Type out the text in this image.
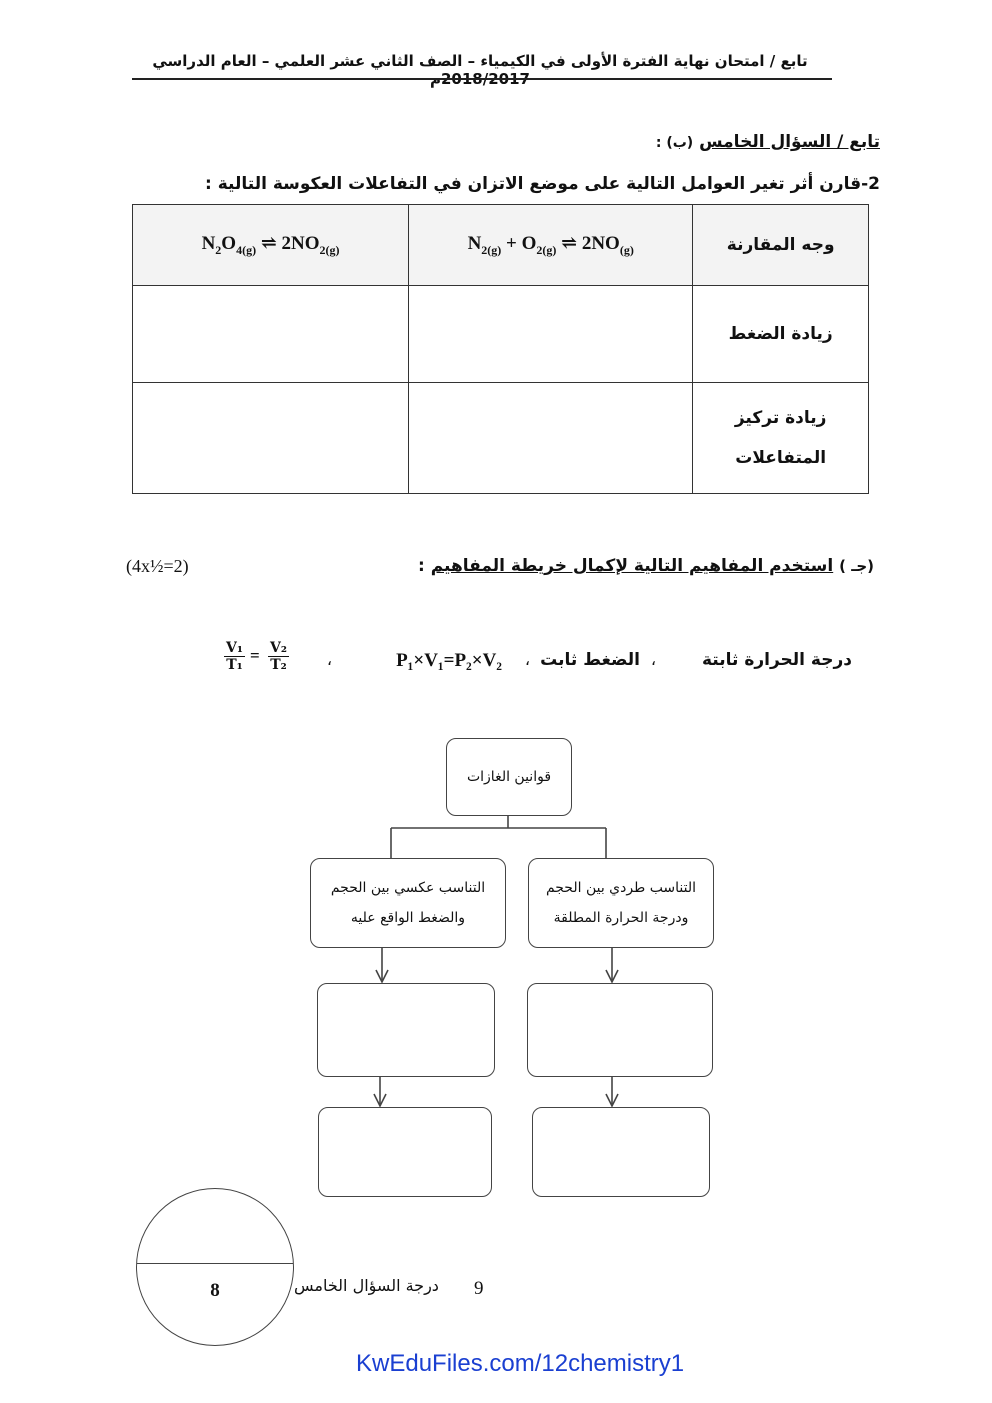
تابع / امتحان نهاية الفترة الأولى في الكيمياء – الصف الثاني عشر العلمي – العام الدراسي 2018/2017م
تابع / السؤال الخامس (ب) :
2-قارن أثر تغير العوامل التالية على موضع الاتزان في التفاعلات العكوسة التالية :
$N_2O_{4(g)}$ ⇌ $2NO_{2(g)}$	$N_{2(g)} + O_{2(g)}$ ⇌ $2NO_{(g)}$	وجه المقارنة
		زيادة الضغط
		زيادة تركيز المتفاعلات
(جـ ) استخدم المفاهيم التالية لإكمال خريطة المفاهيم :
(4x½=2)
درجة الحرارة ثابتة
،
الضغط ثابت
،
P₁×V₁=P₂×V₂
،
$\frac{\text{V₂}}{\text{T₂}}$
=
$\frac{\text{V₁}}{\text{T₁}}$
قوانين الغازات
التناسب طردي بين الحجم ودرجة الحرارة المطلقة
التناسب عكسي بين الحجم والضغط الواقع عليه
8	درجة السؤال الخامس 9
KwEduFiles.com/12chemistry1
